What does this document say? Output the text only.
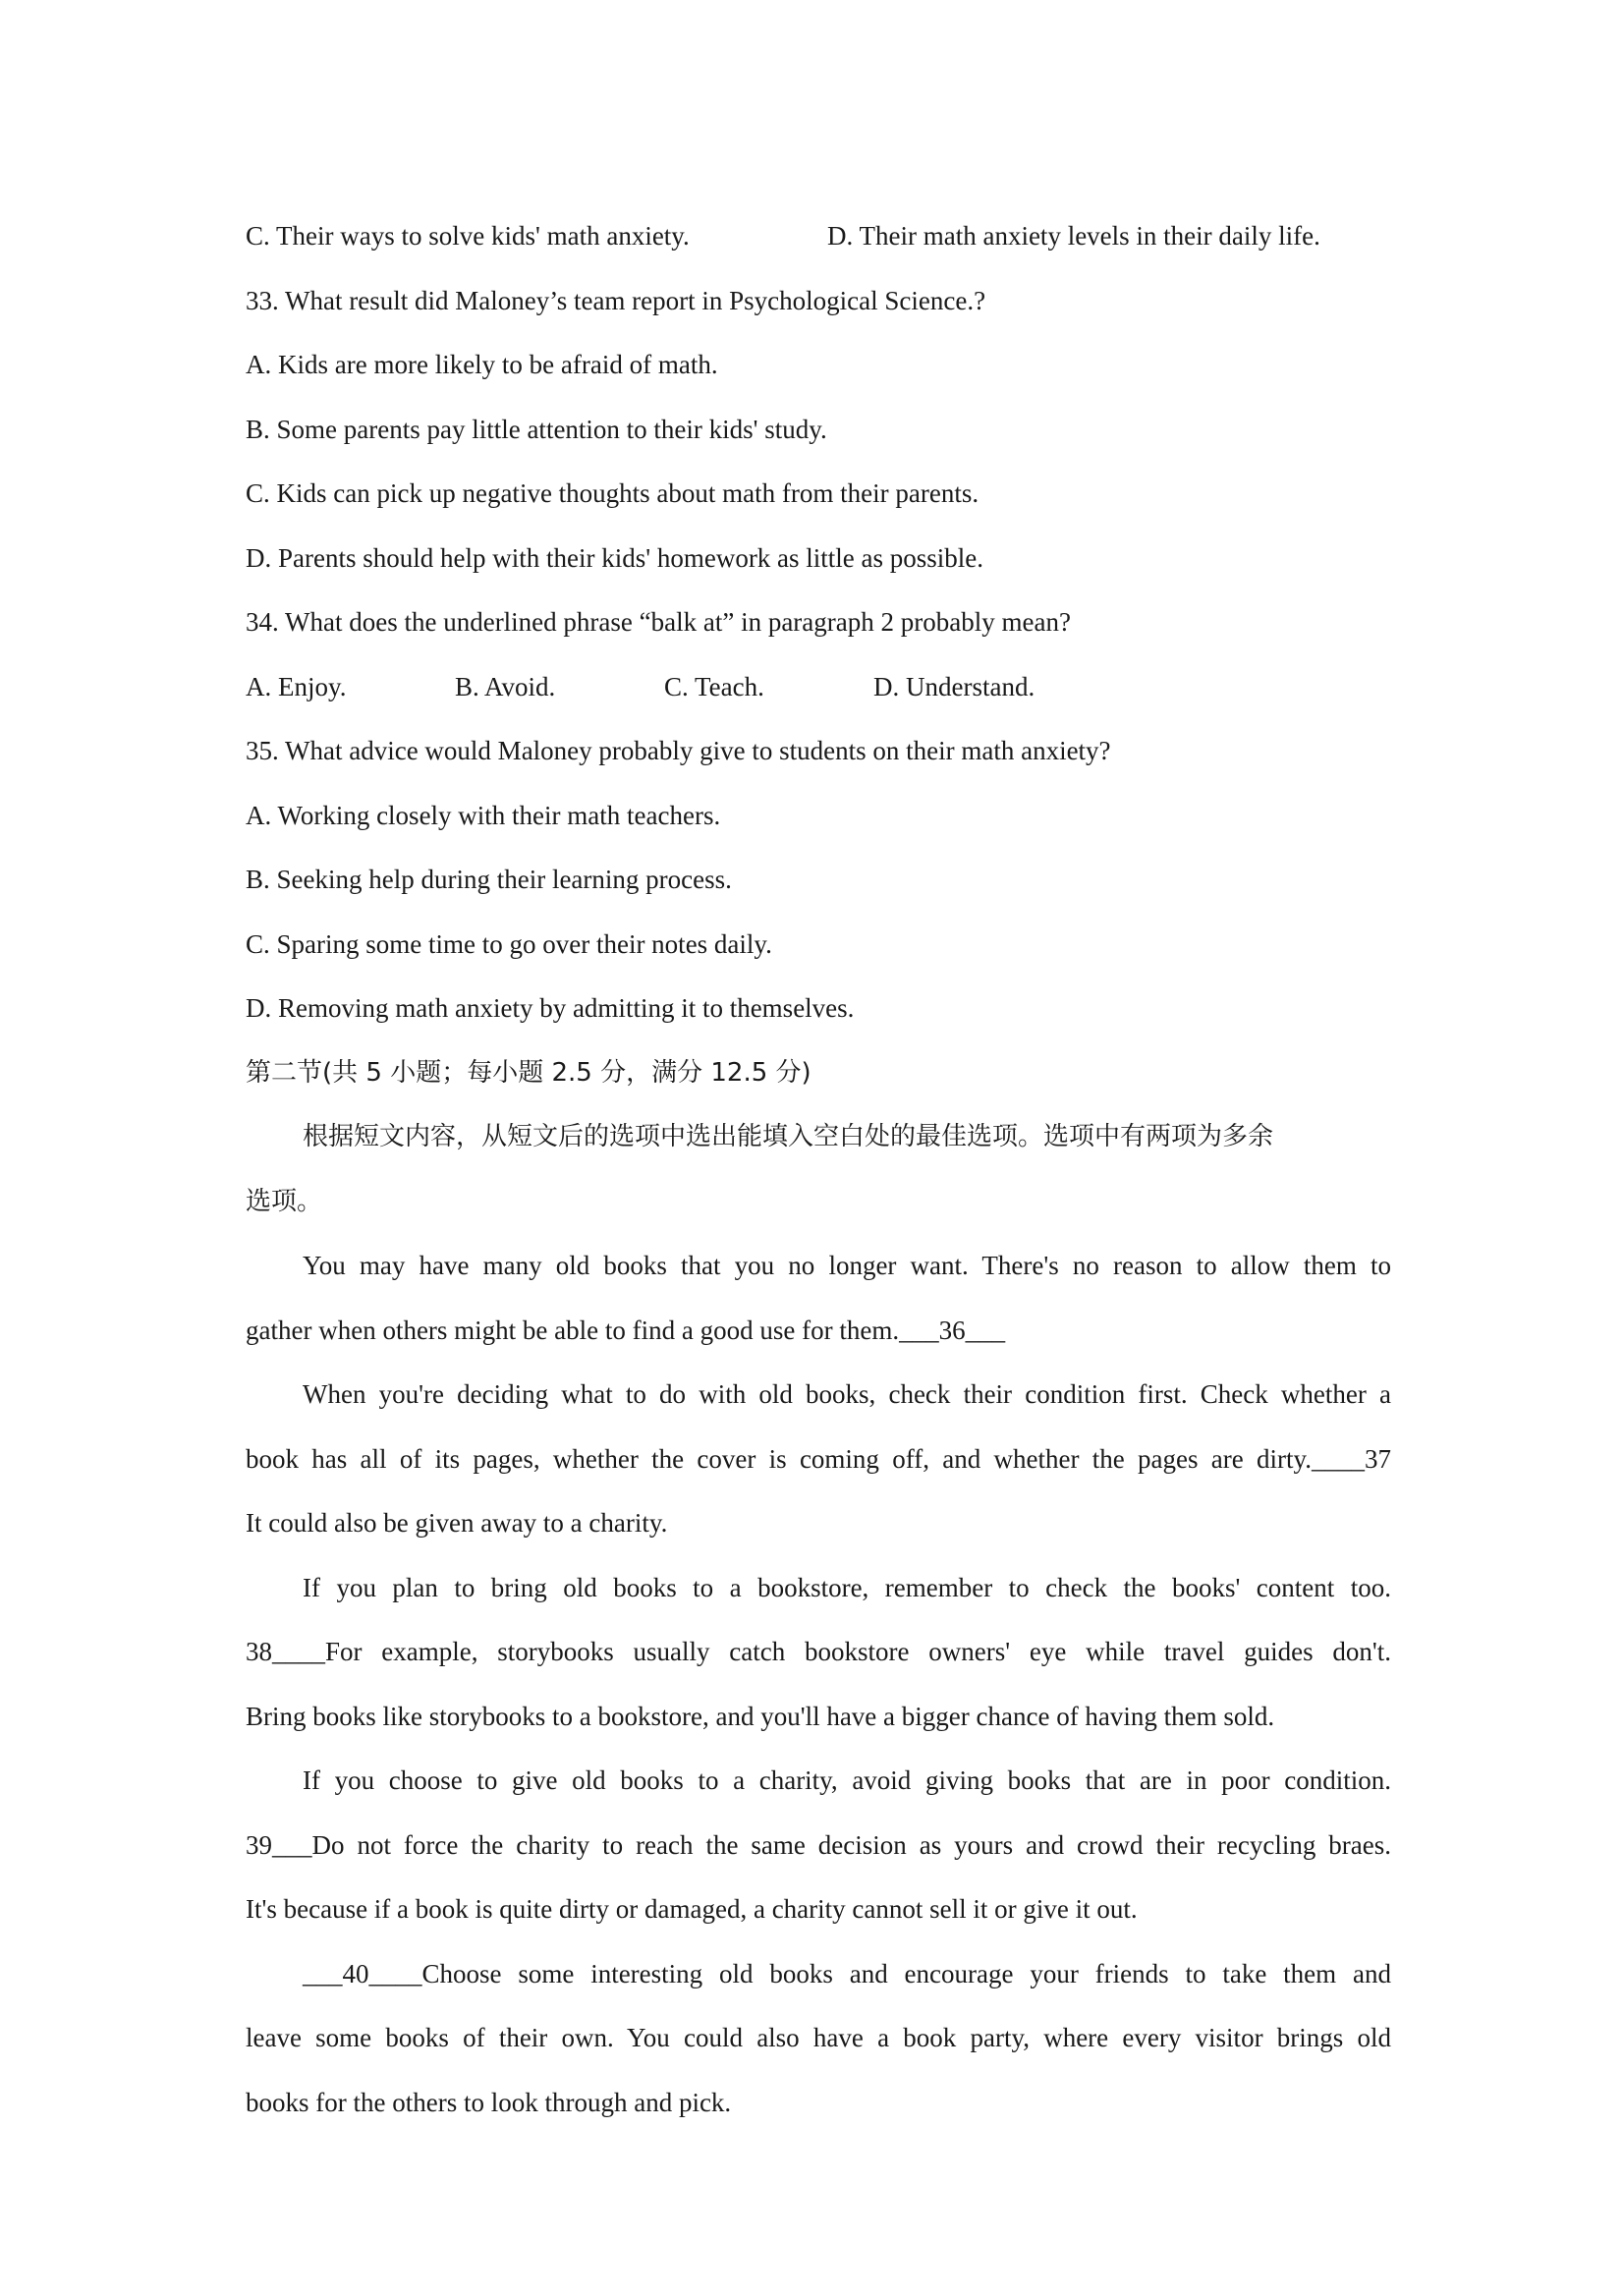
C. Their ways to solve kids' math anxiety.	D. Their math anxiety levels in their daily life.
33. What result did Maloney’s team report in Psychological Science.?
A. Kids are more likely to be afraid of math.
B. Some parents pay little attention to their kids' study.
C. Kids can pick up negative thoughts about math from their parents.
D. Parents should help with their kids' homework as little as possible.
34. What does the underlined phrase “balk at” in paragraph 2 probably mean?
A. Enjoy.	B. Avoid.	C. Teach.	D. Understand.
35. What advice would Maloney probably give to students on their math anxiety?
A. Working closely with their math teachers.
B. Seeking help during their learning process.
C. Sparing some time to go over their notes daily.
D. Removing math anxiety by admitting it to themselves.
第二节(共 5 小题；每小题 2.5 分，满分 12.5 分)
根据短文内容，从短文后的选项中选出能填入空白处的最佳选项。选项中有两项为多余
选项。
You may have many old books that you no longer want. There's no reason to allow them to
gather when others might be able to find a good use for them.___36___
When you're deciding what to do with old books, check their condition first. Check whether a
book has all of its pages, whether the cover is coming off, and whether the pages are dirty.____37
It could also be given away to a charity.
If you plan to bring old books to a bookstore, remember to check the books' content too.
38____For example, storybooks usually catch bookstore owners' eye while travel guides don't.
Bring books like storybooks to a bookstore, and you'll have a bigger chance of having them sold.
If you choose to give old books to a charity, avoid giving books that are in poor condition.
39___Do not force the charity to reach the same decision as yours and crowd their recycling braes.
It's because if a book is quite dirty or damaged, a charity cannot sell it or give it out.
___40____Choose some interesting old books and encourage your friends to take them and
leave some books of their own. You could also have a book party, where every visitor brings old
books for the others to look through and pick.
